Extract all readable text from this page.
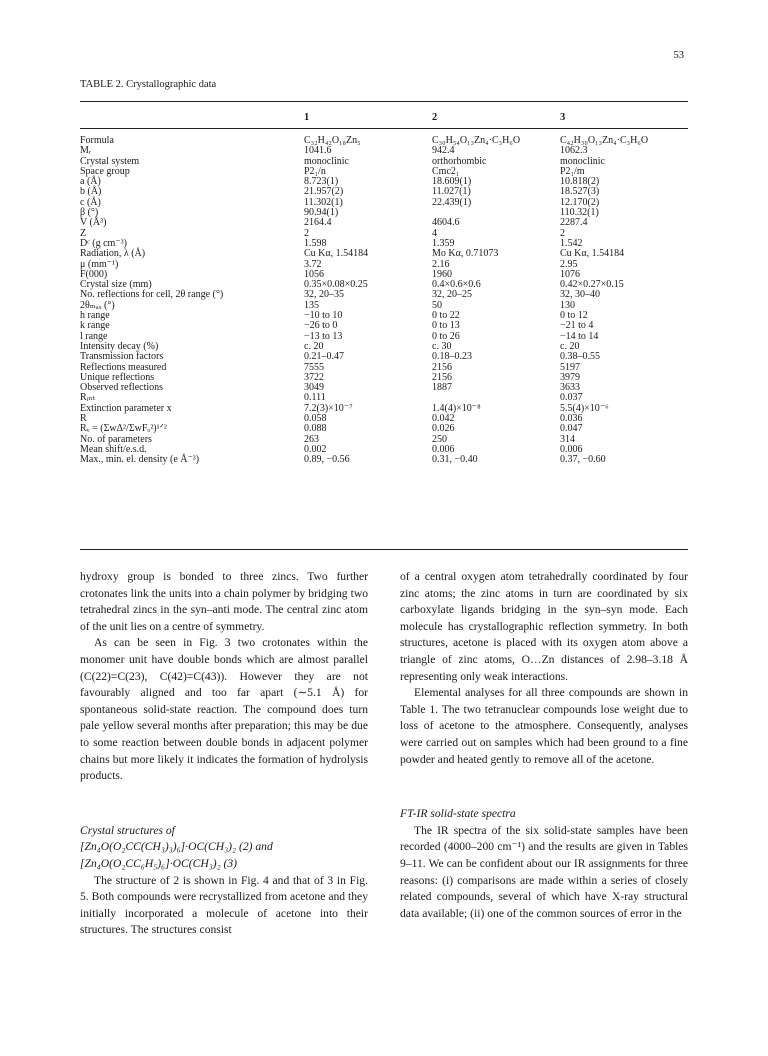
53
TABLE 2. Crystallographic data
1	2	3
Formula	C₃₂H₄₂O₁₈Zn₅	C₃₀H₅₄O₁₃Zn₄·C₃H₆O	C₄₂H₃₀O₁₃Zn₄·C₃H₆O
Mᵣ	1041.6	942.4	1062.3
Crystal system	monoclinic	orthorhombic	monoclinic
Space group	P2₁/n	Cmc2₁	P2₁/m
a (Å)	8.723(1)	18.609(1)	10.818(2)
b (Å)	21.957(2)	11.027(1)	18.527(3)
c (Å)	11.302(1)	22.439(1)	12.170(2)
β (°)	90.94(1)		110.32(1)
V (Å³)	2164.4	4604.6	2287.4
Z	2	4	2
Dᶜ (g cm⁻³)	1.598	1.359	1.542
Radiation, λ (Å)	Cu Kα, 1.54184	Mo Kα, 0.71073	Cu Kα, 1.54184
μ (mm⁻¹)	3.72	2.16	2.95
F(000)	1056	1960	1076
Crystal size (mm)	0.35×0.08×0.25	0.4×0.6×0.6	0.42×0.27×0.15
No. reflections for cell, 2θ range (°)	32, 20–35	32, 20–25	32, 30–40
2θₘₐₓ (°)	135	50	130
h range	−10 to 10	0 to 22	0 to 12
k range	−26 to 0	0 to 13	−21 to 4
l range	−13 to 13	0 to 26	−14 to 14
Intensity decay (%)	c. 20	c. 30	c. 20
Transmission factors	0.21–0.47	0.18–0.23	0.38–0.55
Reflections measured	7555	2156	5197
Unique reflections	3722	2156	3979
Observed reflections	3049	1887	3633
Rᵢₙₜ	0.111		0.037
Extinction parameter x	7.2(3)×10⁻⁷	1.4(4)×10⁻⁸	5.5(4)×10⁻⁶
R	0.058	0.042	0.036
Rᵥ = (ΣwΔ²/ΣwFₒ²)¹ᐟ²	0.088	0.026	0.047
No. of parameters	263	250	314
Mean shift/e.s.d.	0.002	0.006	0.006
Max., min. el. density (e Å⁻³)	0.89, −0.56	0.31, −0.40	0.37, −0.60

hydroxy group is bonded to three zincs. Two further crotonates link the units into a chain polymer by bridging two tetrahedral zincs in the syn–anti mode. The central zinc atom of the unit lies on a centre of symmetry.

As can be seen in Fig. 3 two crotonates within the monomer unit have double bonds which are almost parallel (C(22)=C(23), C(42)=C(43)). However they are not favourably aligned and too far apart (∼5.1 Å) for spontaneous solid-state reaction. The compound does turn pale yellow several months after preparation; this may be due to some reaction between double bonds in adjacent polymer chains but more likely it indicates the formation of hydrolysis products.

Crystal structures of

[Zn₄O(O₂CC(CH₃)₃)₆]·OC(CH₃)₂ (2) and

[Zn₄O(O₂CC₆H₅)₆]·OC(CH₃)₂ (3)

The structure of 2 is shown in Fig. 4 and that of 3 in Fig. 5. Both compounds were recrystallized from acetone and they initially incorporated a molecule of acetone into their structures. The structures consist

of a central oxygen atom tetrahedrally coordinated by four zinc atoms; the zinc atoms in turn are coordinated by six carboxylate ligands bridging in the syn–syn mode. Each molecule has crystallographic reflection symmetry. In both structures, acetone is placed with its oxygen atom above a triangle of zinc atoms, O…Zn distances of 2.98–3.18 Å representing only weak interactions.

Elemental analyses for all three compounds are shown in Table 1. The two tetranuclear compounds lose weight due to loss of acetone to the atmosphere. Consequently, analyses were carried out on samples which had been ground to a fine powder and heated gently to remove all of the acetone.

FT-IR solid-state spectra

The IR spectra of the six solid-state samples have been recorded (4000–200 cm⁻¹) and the results are given in Tables 9–11. We can be confident about our IR assignments for three reasons: (i) comparisons are made within a series of closely related compounds, several of which have X-ray structural data available; (ii) one of the common sources of error in the
